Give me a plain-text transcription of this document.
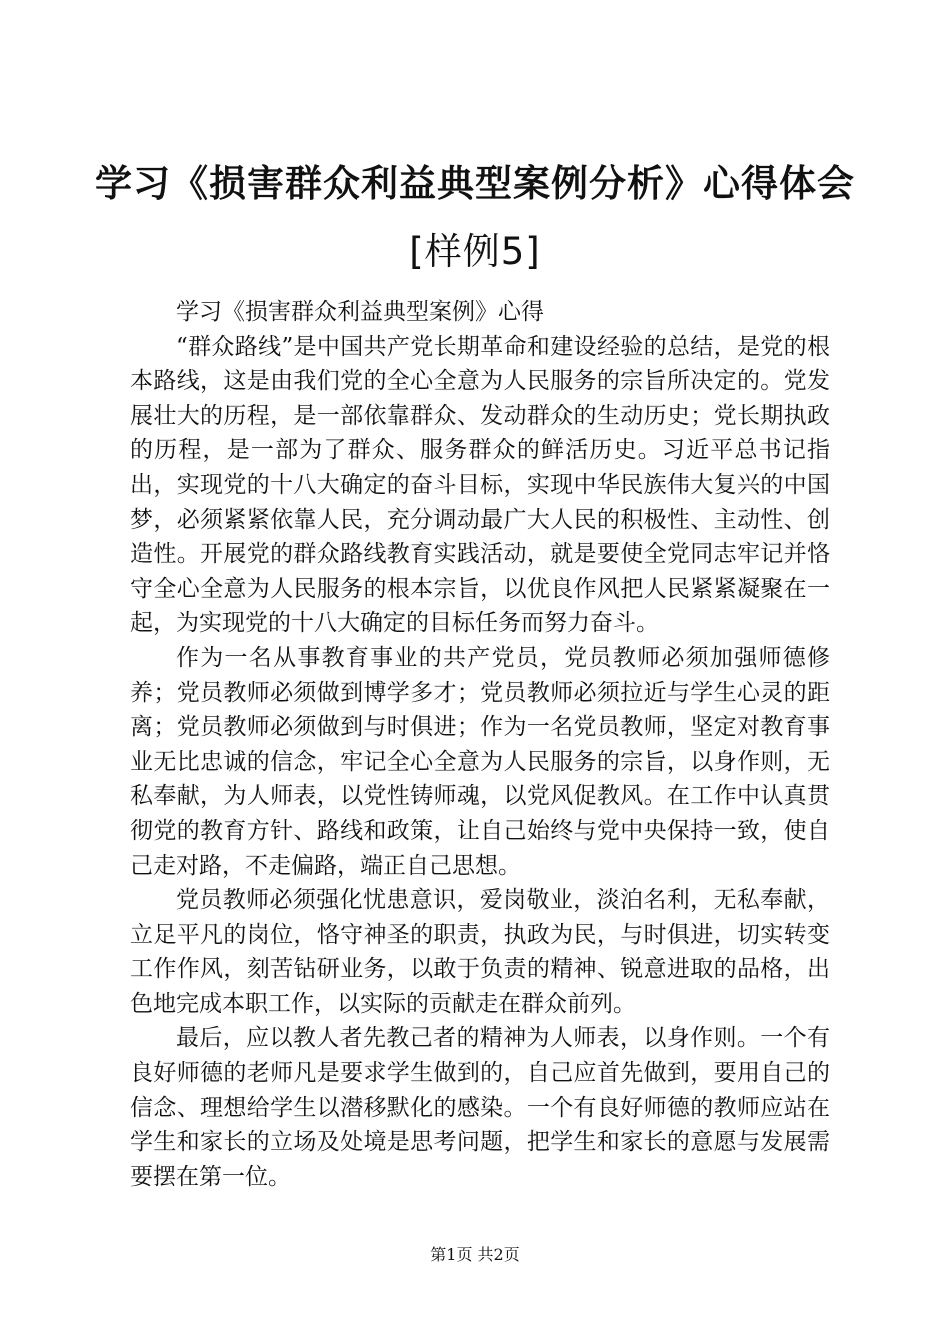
学习《损害群众利益典型案例分析》心得体会
[样例5]

学习《损害群众利益典型案例》心得

“群众路线”是中国共产党长期革命和建设经验的总结，是党的根本路线，这是由我们党的全心全意为人民服务的宗旨所决定的。党发展壮大的历程，是一部依靠群众、发动群众的生动历史；党长期执政的历程，是一部为了群众、服务群众的鲜活历史。习近平总书记指出，实现党的十八大确定的奋斗目标，实现中华民族伟大复兴的中国梦，必须紧紧依靠人民，充分调动最广大人民的积极性、主动性、创造性。开展党的群众路线教育实践活动，就是要使全党同志牢记并恪守全心全意为人民服务的根本宗旨，以优良作风把人民紧紧凝聚在一起，为实现党的十八大确定的目标任务而努力奋斗。

作为一名从事教育事业的共产党员，党员教师必须加强师德修养；党员教师必须做到博学多才；党员教师必须拉近与学生心灵的距离；党员教师必须做到与时俱进；作为一名党员教师，坚定对教育事业无比忠诚的信念，牢记全心全意为人民服务的宗旨，以身作则，无私奉献，为人师表，以党性铸师魂，以党风促教风。在工作中认真贯彻党的教育方针、路线和政策，让自己始终与党中央保持一致，使自己走对路，不走偏路，端正自己思想。

党员教师必须强化忧患意识，爱岗敬业，淡泊名利，无私奉献，立足平凡的岗位，恪守神圣的职责，执政为民，与时俱进，切实转变工作作风，刻苦钻研业务，以敢于负责的精神、锐意进取的品格，出色地完成本职工作，以实际的贡献走在群众前列。

最后，应以教人者先教己者的精神为人师表，以身作则。一个有良好师德的老师凡是要求学生做到的，自己应首先做到，要用自己的信念、理想给学生以潜移默化的感染。一个有良好师德的教师应站在学生和家长的立场及处境是思考问题，把学生和家长的意愿与发展需要摆在第一位。

第1页 共2页
